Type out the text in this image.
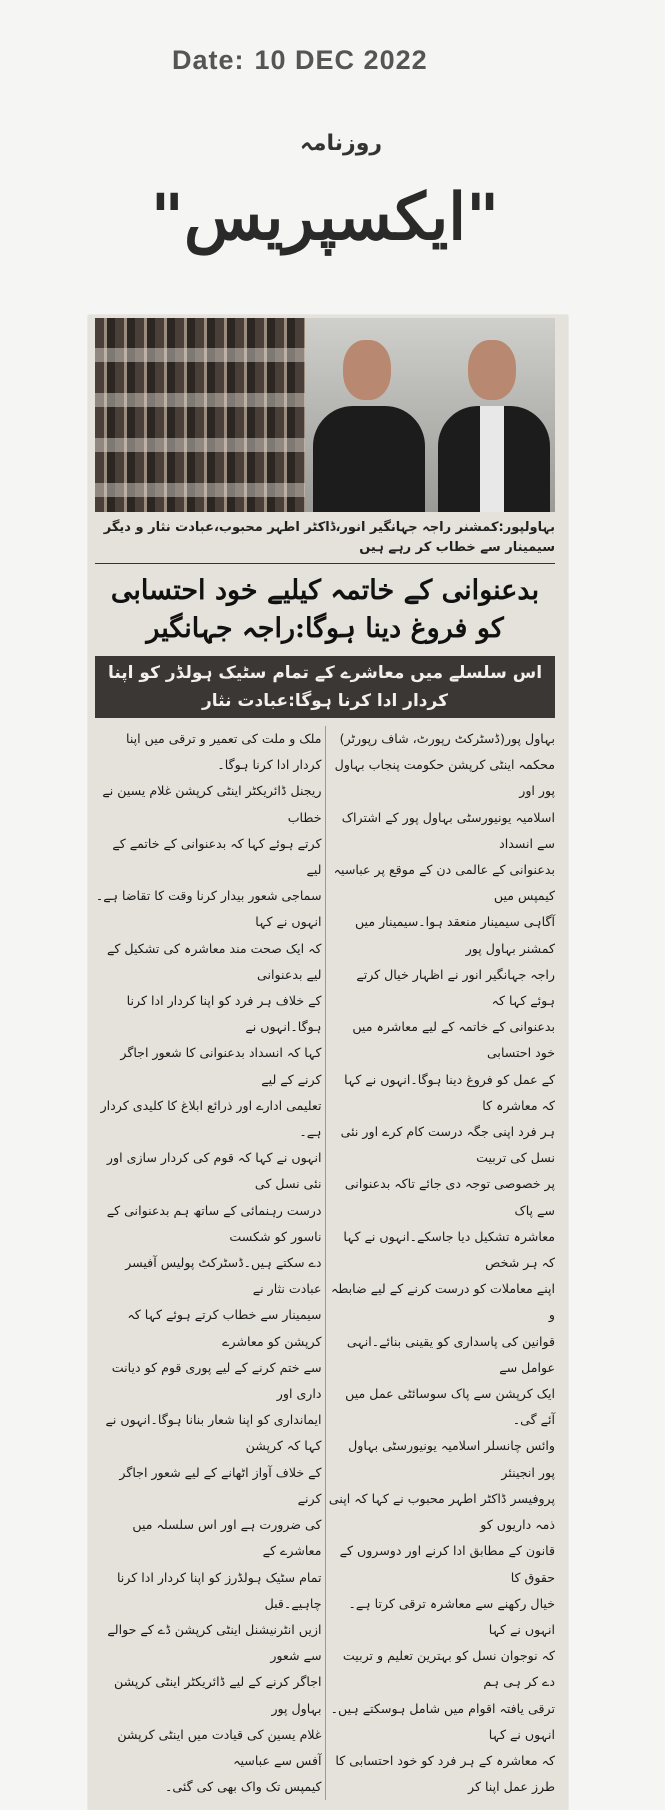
Date: 10 DEC 2022
روزنامہ
"ایکسپریس"
بہاولپور:کمشنر راجہ جہانگیر انور،ڈاکٹر اطہر محبوب،عبادت نثار و دیگر سیمینار سے خطاب کر رہے ہیں
بدعنوانی کے خاتمہ کیلیے خود احتسابی کو فروغ دینا ہوگا:راجہ جہانگیر
اس سلسلے میں معاشرے کے تمام سٹیک ہولڈر کو اپنا کردار ادا کرنا ہوگا:عبادت نثار
بہاول پور(ڈسٹرکٹ رپورٹ، شاف رپورٹر)
محکمہ اینٹی کرپشن حکومت پنجاب بہاول پور اور
اسلامیہ یونیورسٹی بہاول پور کے اشتراک سے انسداد
بدعنوانی کے عالمی دن کے موقع پر عباسیہ کیمپس میں
آگاہی سیمینار منعقد ہوا۔سیمینار میں کمشنر بہاول پور
راجہ جہانگیر انور نے اظہار خیال کرتے ہوئے کہا کہ
بدعنوانی کے خاتمہ کے لیے معاشرہ میں خود احتسابی
کے عمل کو فروغ دینا ہوگا۔انہوں نے کہا کہ معاشرہ کا
ہر فرد اپنی جگہ درست کام کرے اور نئی نسل کی تربیت
پر خصوصی توجہ دی جائے تاکہ بدعنوانی سے پاک
معاشرہ تشکیل دیا جاسکے۔انہوں نے کہا کہ ہر شخص
اپنے معاملات کو درست کرنے کے لیے ضابطہ و
قوانین کی پاسداری کو یقینی بنائے۔انہی عوامل سے
ایک کرپشن سے پاک سوسائٹی عمل میں آئے گی۔
وائس چانسلر اسلامیہ یونیورسٹی بہاول پور انجینئر
پروفیسر ڈاکٹر اطہر محبوب نے کہا کہ اپنی ذمہ داریوں کو
قانون کے مطابق ادا کرنے اور دوسروں کے حقوق کا
خیال رکھنے سے معاشرہ ترقی کرتا ہے۔انہوں نے کہا
کہ نوجوان نسل کو بہترین تعلیم و تربیت دے کر ہی ہم
ترقی یافتہ اقوام میں شامل ہوسکتے ہیں۔انہوں نے کہا
کہ معاشرہ کے ہر فرد کو خود احتسابی کا طرز عمل اپنا کر
ملک و ملت کی تعمیر و ترقی میں اپنا کردار ادا کرنا ہوگا۔
ریجنل ڈائریکٹر اینٹی کرپشن غلام یسین نے خطاب
کرتے ہوئے کہا کہ بدعنوانی کے خاتمے کے لیے
سماجی شعور بیدار کرنا وقت کا تقاضا ہے۔انہوں نے کہا
کہ ایک صحت مند معاشرہ کی تشکیل کے لیے بدعنوانی
کے خلاف ہر فرد کو اپنا کردار ادا کرنا ہوگا۔انہوں نے
کہا کہ انسداد بدعنوانی کا شعور اجاگر کرنے کے لیے
تعلیمی ادارے اور ذرائع ابلاغ کا کلیدی کردار ہے۔
انہوں نے کہا کہ قوم کی کردار سازی اور نئی نسل کی
درست رہنمائی کے ساتھ ہم بدعنوانی کے ناسور کو شکست
دے سکتے ہیں۔ڈسٹرکٹ پولیس آفیسر عبادت نثار نے
سیمینار سے خطاب کرتے ہوئے کہا کہ کرپشن کو معاشرے
سے ختم کرنے کے لیے پوری قوم کو دیانت داری اور
ایمانداری کو اپنا شعار بنانا ہوگا۔انہوں نے کہا کہ کرپشن
کے خلاف آواز اٹھانے کے لیے شعور اجاگر کرنے
کی ضرورت ہے اور اس سلسلہ میں معاشرے کے
تمام سٹیک ہولڈرز کو اپنا کردار ادا کرنا چاہیے۔قبل
ازیں انٹرنیشنل اینٹی کرپشن ڈے کے حوالے سے شعور
اجاگر کرنے کے لیے ڈائریکٹر اینٹی کرپشن بہاول پور
غلام یسین کی قیادت میں اینٹی کرپشن آفس سے عباسیہ
کیمپس تک واک بھی کی گئی۔
